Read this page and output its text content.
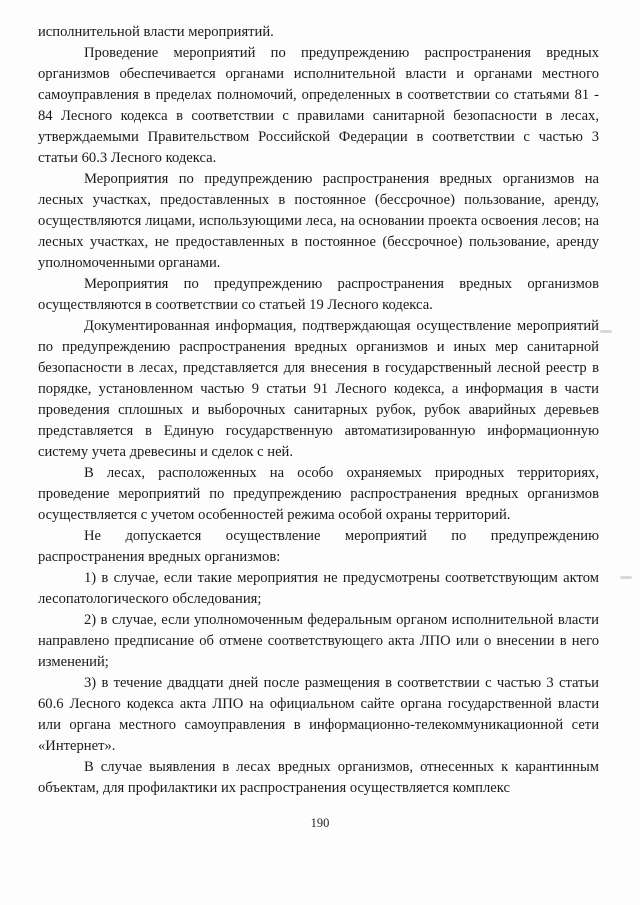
исполнительной власти мероприятий.

Проведение мероприятий по предупреждению распространения вредных организмов обеспечивается органами исполнительной власти и органами местного самоуправления в пределах полномочий, определенных в соответствии со статьями 81 - 84 Лесного кодекса в соответствии с правилами санитарной безопасности в лесах, утверждаемыми Правительством Российской Федерации в соответствии с частью 3 статьи 60.3 Лесного кодекса.

Мероприятия по предупреждению распространения вредных организмов на лесных участках, предоставленных в постоянное (бессрочное) пользование, аренду, осуществляются лицами, использующими леса, на основании проекта освоения лесов; на лесных участках, не предоставленных в постоянное (бессрочное) пользование, аренду уполномоченными органами.

Мероприятия по предупреждению распространения вредных организмов осуществляются в соответствии со статьей 19 Лесного кодекса.

Документированная информация, подтверждающая осуществление мероприятий по предупреждению распространения вредных организмов и иных мер санитарной безопасности в лесах, представляется для внесения в государственный лесной реестр в порядке, установленном частью 9 статьи 91 Лесного кодекса, а информация в части проведения сплошных и выборочных санитарных рубок, рубок аварийных деревьев представляется в Единую государственную автоматизированную информационную систему учета древесины и сделок с ней.

В лесах, расположенных на особо охраняемых природных территориях, проведение мероприятий по предупреждению распространения вредных организмов осуществляется с учетом особенностей режима особой охраны территорий.

Не допускается осуществление мероприятий по предупреждению распространения вредных организмов:

1) в случае, если такие мероприятия не предусмотрены соответствующим актом лесопатологического обследования;

2) в случае, если уполномоченным федеральным органом исполнительной власти направлено предписание об отмене соответствующего акта ЛПО или о внесении в него изменений;

3) в течение двадцати дней после размещения в соответствии с частью 3 статьи 60.6 Лесного кодекса акта ЛПО на официальном сайте органа государственной власти или органа местного самоуправления в информационно-телекоммуникационной сети «Интернет».

В случае выявления в лесах вредных организмов, отнесенных к карантинным объектам, для профилактики их распространения осуществляется комплекс

190
